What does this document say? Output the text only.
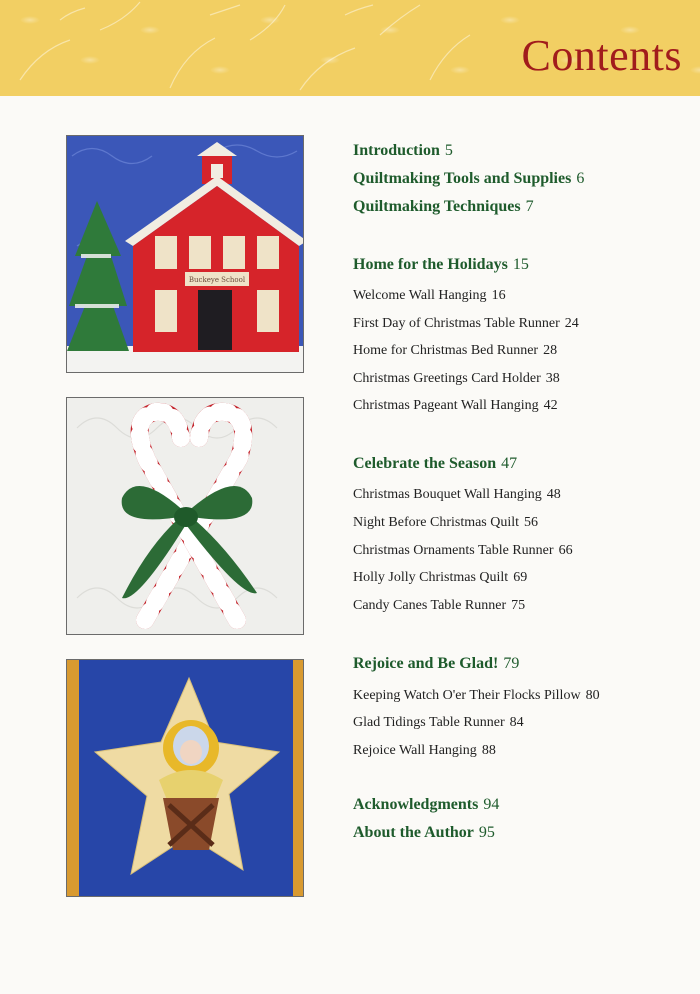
Contents
Buckeye School
Introduction 5
Quiltmaking Tools and Supplies 6
Quiltmaking Techniques 7
Home for the Holidays 15
Welcome Wall Hanging 16
First Day of Christmas Table Runner 24
Home for Christmas Bed Runner 28
Christmas Greetings Card Holder 38
Christmas Pageant Wall Hanging 42
Celebrate the Season 47
Christmas Bouquet Wall Hanging 48
Night Before Christmas Quilt 56
Christmas Ornaments Table Runner 66
Holly Jolly Christmas Quilt 69
Candy Canes Table Runner 75
Rejoice and Be Glad! 79
Keeping Watch O'er Their Flocks Pillow 80
Glad Tidings Table Runner 84
Rejoice Wall Hanging 88
Acknowledgments 94
About the Author 95
